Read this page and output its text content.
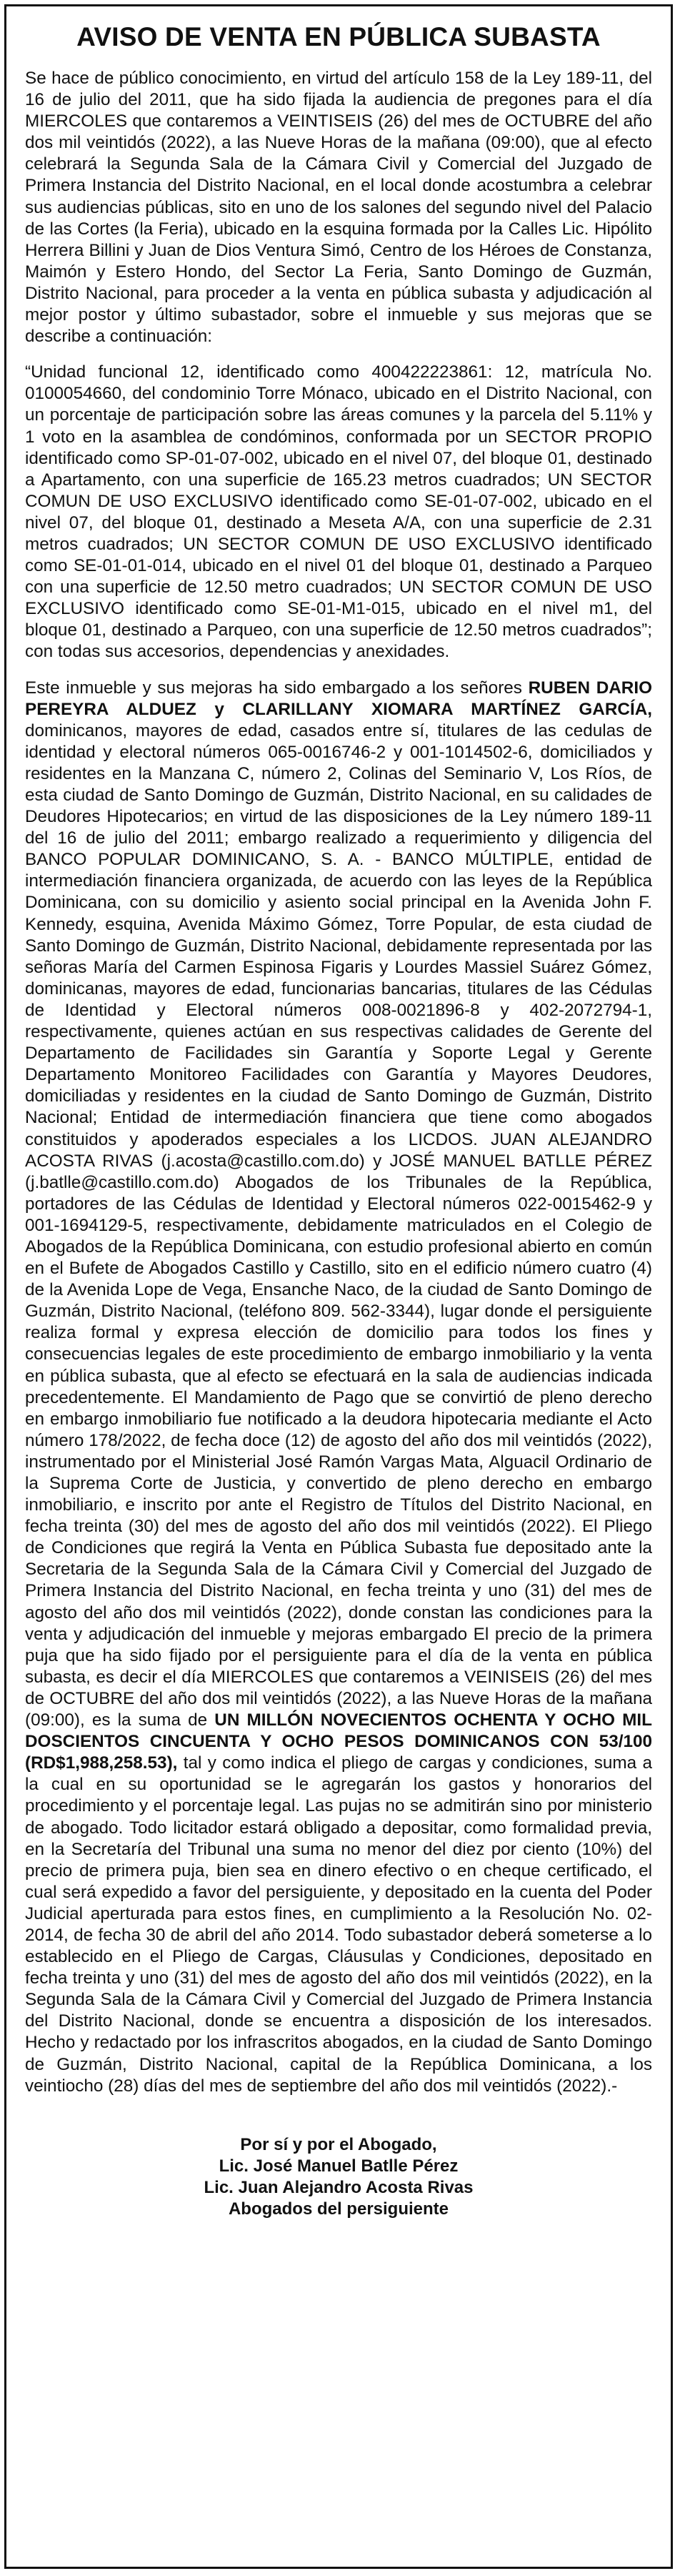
AVISO DE VENTA EN PÚBLICA SUBASTA

Se hace de público conocimiento, en virtud del artículo 158 de la Ley 189-11, del 16 de julio del 2011, que ha sido fijada la audiencia de pregones para el día MIERCOLES que contaremos a VEINTISEIS (26) del mes de OCTUBRE del año dos mil veintidós (2022), a las Nueve Horas de la mañana (09:00), que al efecto celebrará la Segunda Sala de la Cámara Civil y Comercial del Juzgado de Primera Instancia del Distrito Nacional, en el local donde acostumbra a celebrar sus audiencias públicas, sito en uno de los salones del segundo nivel del Palacio de las Cortes (la Feria), ubicado en la esquina formada por la Calles Lic. Hipólito Herrera Billini y Juan de Dios Ventura Simó, Centro de los Héroes de Constanza, Maimón y Estero Hondo, del Sector La Feria, Santo Domingo de Guzmán, Distrito Nacional, para proceder a la venta en pública subasta y adjudicación al mejor postor y último subastador, sobre el inmueble y sus mejoras que se describe a continuación:

“Unidad funcional 12, identificado como 400422223861: 12, matrícula No. 0100054660, del condominio Torre Mónaco, ubicado en el Distrito Nacional, con un porcentaje de participación sobre las áreas comunes y la parcela del 5.11% y 1 voto en la asamblea de condóminos, conformada por un SECTOR PROPIO identificado como SP-01-07-002, ubicado en el nivel 07, del bloque 01, destinado a Apartamento, con una superficie de 165.23 metros cuadrados; UN SECTOR COMUN DE USO EXCLUSIVO identificado como SE-01-07-002, ubicado en el nivel 07, del bloque 01, destinado a Meseta A/A, con una superficie de 2.31 metros cuadrados; UN SECTOR COMUN DE USO EXCLUSIVO identificado como SE-01-01-014, ubicado en el nivel 01 del bloque 01, destinado a Parqueo con una superficie de 12.50 metro cuadrados; UN SECTOR COMUN DE USO EXCLUSIVO identificado como SE-01-M1-015, ubicado en el nivel m1, del bloque 01, destinado a Parqueo, con una superficie de 12.50 metros cuadrados”; con todas sus accesorios, dependencias y anexidades.

Este inmueble y sus mejoras ha sido embargado a los señores RUBEN DARIO PEREYRA ALDUEZ y CLARILLANY XIOMARA MARTÍNEZ GARCÍA, dominicanos, mayores de edad, casados entre sí, titulares de las cedulas de identidad y electoral números 065-0016746-2 y 001-1014502-6, domiciliados y residentes en la Manzana C, número 2, Colinas del Seminario V, Los Ríos, de esta ciudad de Santo Domingo de Guzmán, Distrito Nacional, en su calidades de Deudores Hipotecarios; en virtud de las disposiciones de la Ley número 189-11 del 16 de julio del 2011; embargo realizado a requerimiento y diligencia del BANCO POPULAR DOMINICANO, S. A. - BANCO MÚLTIPLE, entidad de intermediación financiera organizada, de acuerdo con las leyes de la República Dominicana, con su domicilio y asiento social principal en la Avenida John F. Kennedy, esquina, Avenida Máximo Gómez, Torre Popular, de esta ciudad de Santo Domingo de Guzmán, Distrito Nacional, debidamente representada por las señoras María del Carmen Espinosa Figaris y Lourdes Massiel Suárez Gómez, dominicanas, mayores de edad, funcionarias bancarias, titulares de las Cédulas de Identidad y Electoral números 008-0021896-8 y 402-2072794-1, respectivamente, quienes actúan en sus respectivas calidades de Gerente del Departamento de Facilidades sin Garantía y Soporte Legal y Gerente Departamento Monitoreo Facilidades con Garantía y Mayores Deudores, domiciliadas y residentes en la ciudad de Santo Domingo de Guzmán, Distrito Nacional; Entidad de intermediación financiera que tiene como abogados constituidos y apoderados especiales a los LICDOS. JUAN ALEJANDRO ACOSTA RIVAS (j.acosta@castillo.com.do) y JOSÉ MANUEL BATLLE PÉREZ (j.batlle@castillo.com.do) Abogados de los Tribunales de la República, portadores de las Cédulas de Identidad y Electoral números 022-0015462-9 y 001-1694129-5, respectivamente, debidamente matriculados en el Colegio de Abogados de la República Dominicana, con estudio profesional abierto en común en el Bufete de Abogados Castillo y Castillo, sito en el edificio número cuatro (4) de la Avenida Lope de Vega, Ensanche Naco, de la ciudad de Santo Domingo de Guzmán, Distrito Nacional, (teléfono 809. 562-3344), lugar donde el persiguiente realiza formal y expresa elección de domicilio para todos los fines y consecuencias legales de este procedimiento de embargo inmobiliario y la venta en pública subasta, que al efecto se efectuará en la sala de audiencias indicada precedentemente. El Mandamiento de Pago que se convirtió de pleno derecho en embargo inmobiliario fue notificado a la deudora hipotecaria mediante el Acto número 178/2022, de fecha doce (12) de agosto del año dos mil veintidós (2022), instrumentado por el Ministerial José Ramón Vargas Mata, Alguacil Ordinario de la Suprema Corte de Justicia, y convertido de pleno derecho en embargo inmobiliario, e inscrito por ante el Registro de Títulos del Distrito Nacional, en fecha treinta (30) del mes de agosto del año dos mil veintidós (2022). El Pliego de Condiciones que regirá la Venta en Pública Subasta fue depositado ante la Secretaria de la Segunda Sala de la Cámara Civil y Comercial del Juzgado de Primera Instancia del Distrito Nacional, en fecha treinta y uno (31) del mes de agosto del año dos mil veintidós (2022), donde constan las condiciones para la venta y adjudicación del inmueble y mejoras embargado El precio de la primera puja que ha sido fijado por el persiguiente para el día de la venta en pública subasta, es decir el día MIERCOLES que contaremos a VEINISEIS (26) del mes de OCTUBRE del año dos mil veintidós (2022), a las Nueve Horas de la mañana (09:00), es la suma de UN MILLÓN NOVECIENTOS OCHENTA Y OCHO MIL DOSCIENTOS CINCUENTA Y OCHO PESOS DOMINICANOS CON 53/100 (RD$1,988,258.53), tal y como indica el pliego de cargas y condiciones, suma a la cual en su oportunidad se le agregarán los gastos y honorarios del procedimiento y el porcentaje legal. Las pujas no se admitirán sino por ministerio de abogado. Todo licitador estará obligado a depositar, como formalidad previa, en la Secretaría del Tribunal una suma no menor del diez por ciento (10%) del precio de primera puja, bien sea en dinero efectivo o en cheque certificado, el cual será expedido a favor del persiguiente, y depositado en la cuenta del Poder Judicial aperturada para estos fines, en cumplimiento a la Resolución No. 02-2014, de fecha 30 de abril del año 2014. Todo subastador deberá someterse a lo establecido en el Pliego de Cargas, Cláusulas y Condiciones, depositado en fecha treinta y uno (31) del mes de agosto del año dos mil veintidós (2022), en la Segunda Sala de la Cámara Civil y Comercial del Juzgado de Primera Instancia del Distrito Nacional, donde se encuentra a disposición de los interesados. Hecho y redactado por los infrascritos abogados, en la ciudad de Santo Domingo de Guzmán, Distrito Nacional, capital de la República Dominicana, a los veintiocho (28) días del mes de septiembre del año dos mil veintidós (2022).-

Por sí y por el Abogado,
Lic. José Manuel Batlle Pérez
Lic. Juan Alejandro Acosta Rivas
Abogados del persiguiente
